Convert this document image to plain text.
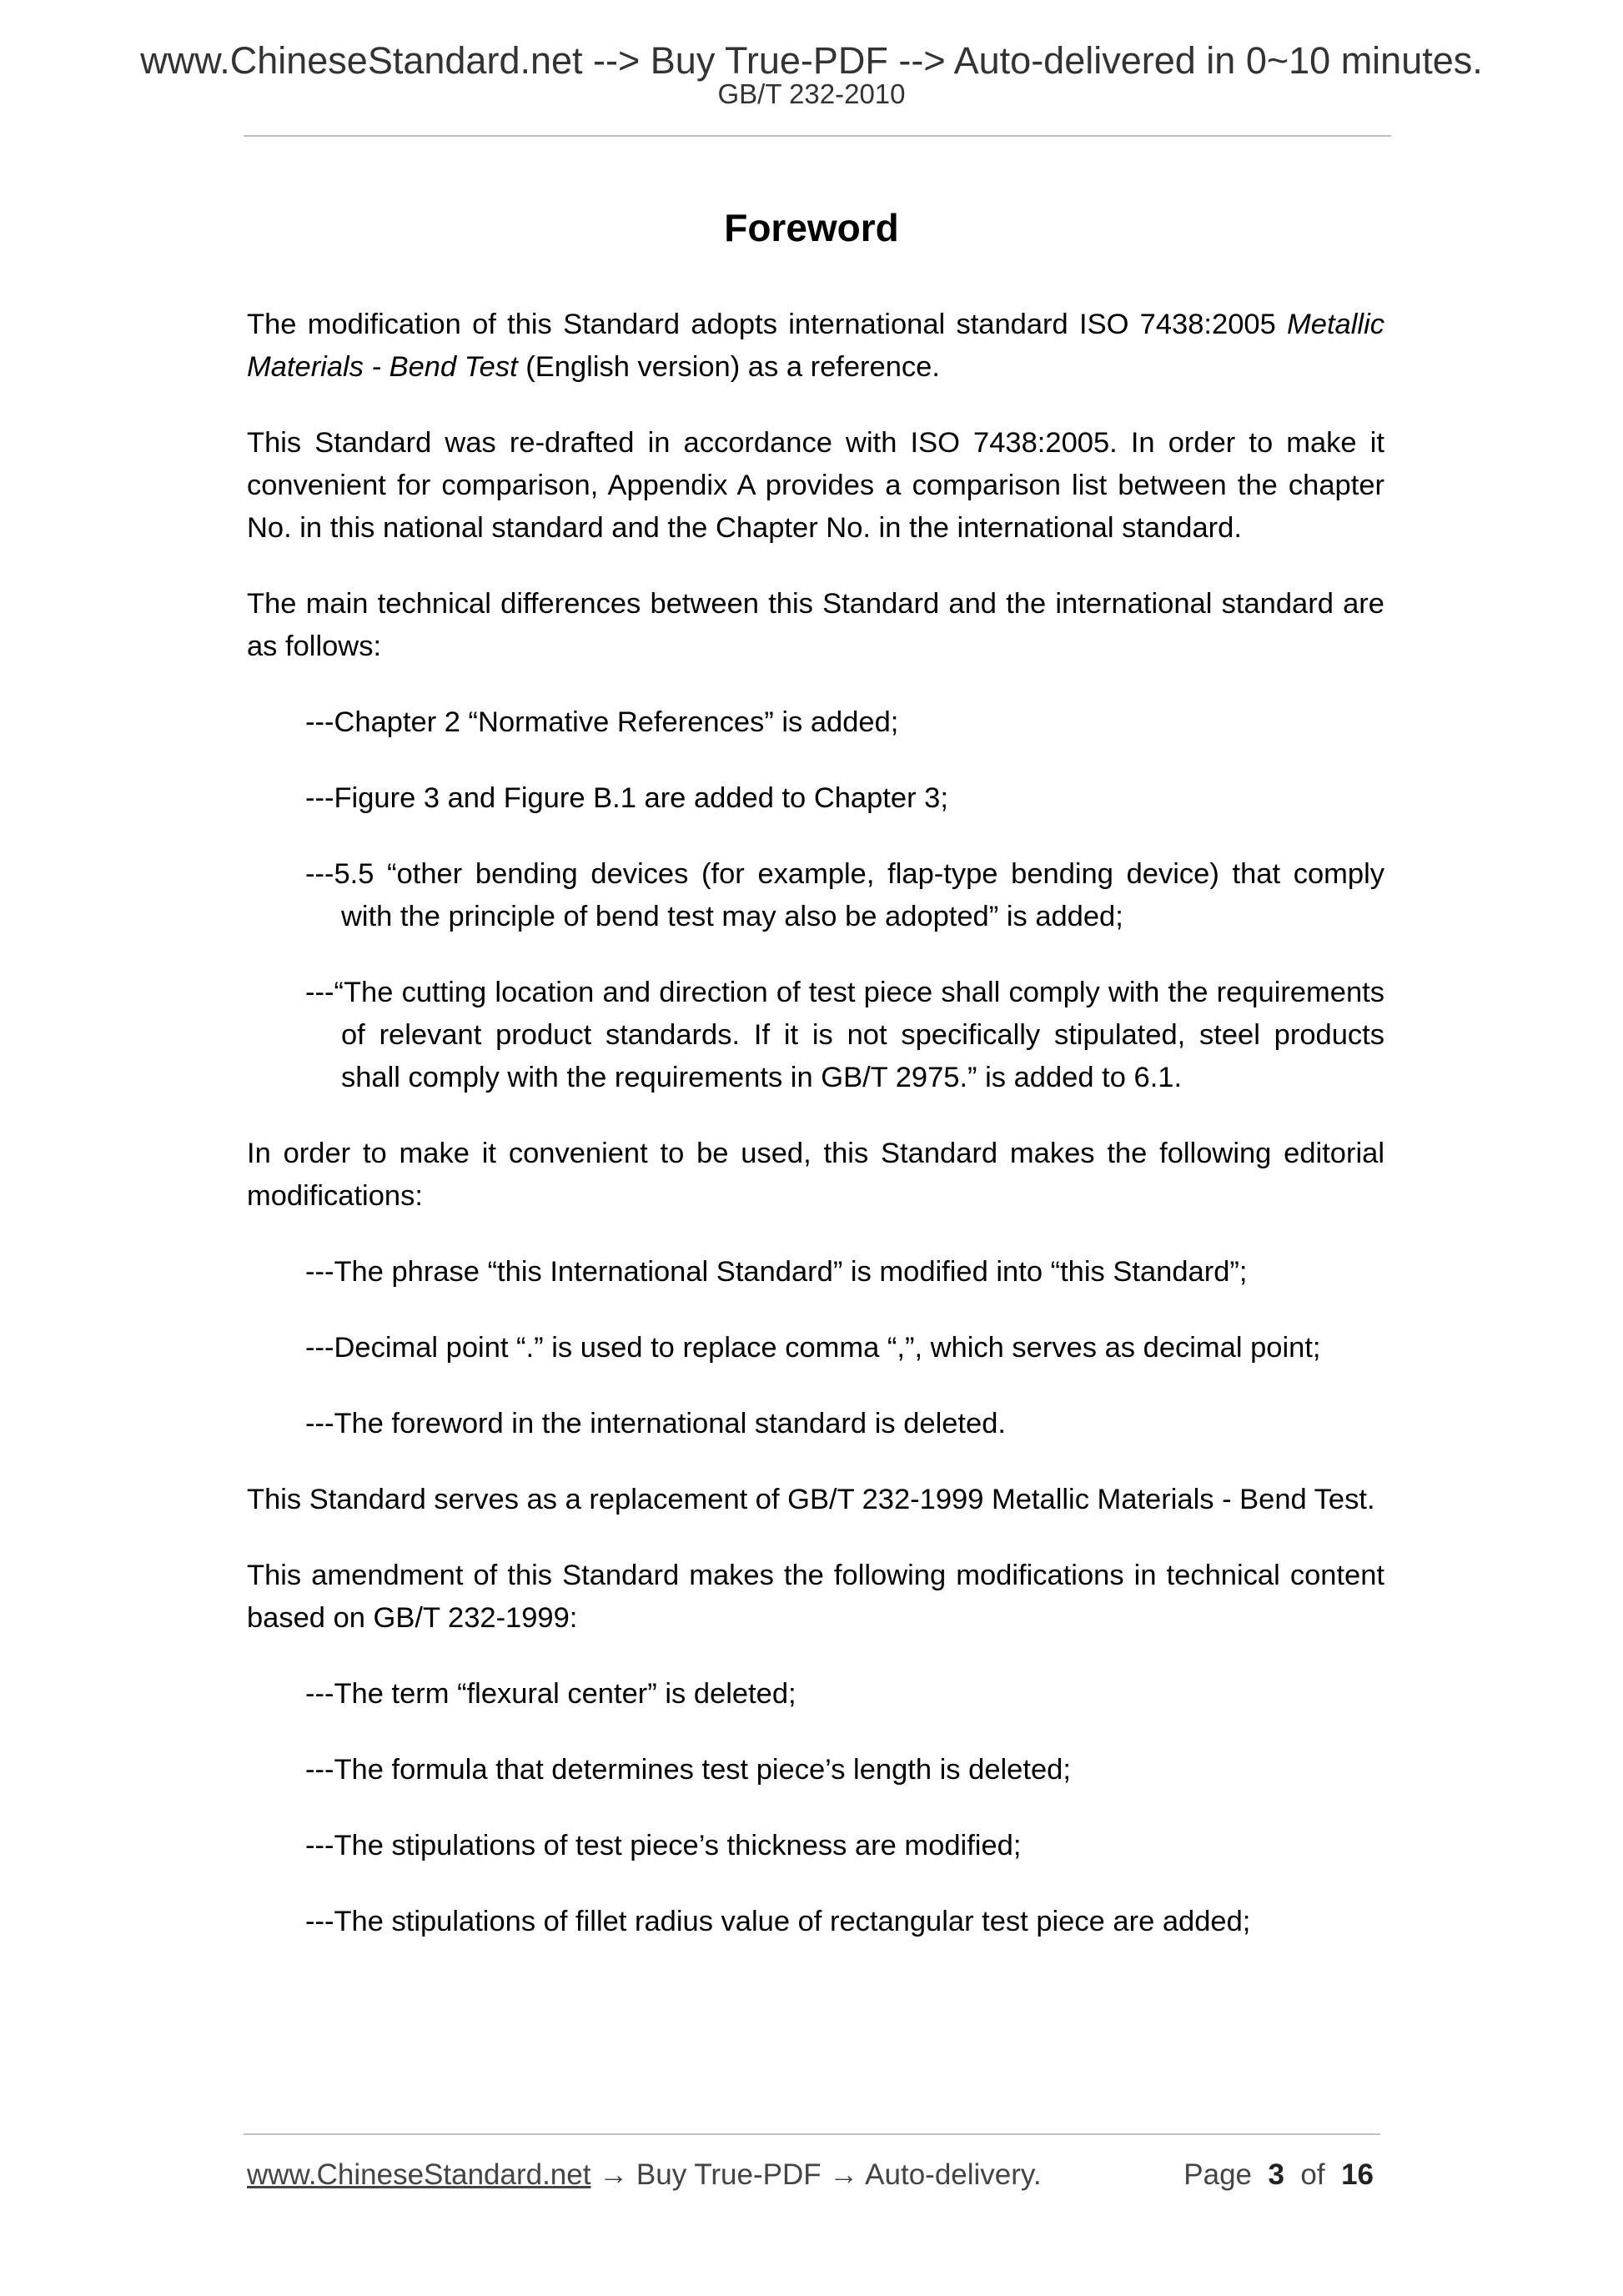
www.ChineseStandard.net --> Buy True-PDF --> Auto-delivered in 0~10 minutes.
GB/T 232-2010
Foreword

The modification of this Standard adopts international standard ISO 7438:2005 Metallic Materials - Bend Test (English version) as a reference.

This Standard was re-drafted in accordance with ISO 7438:2005. In order to make it convenient for comparison, Appendix A provides a comparison list between the chapter No. in this national standard and the Chapter No. in the international standard.

The main technical differences between this Standard and the international standard are as follows:

---Chapter 2 “Normative References” is added;

---Figure 3 and Figure B.1 are added to Chapter 3;

---5.5 “other bending devices (for example, flap-type bending device) that comply with the principle of bend test may also be adopted” is added;

---“The cutting location and direction of test piece shall comply with the requirements of relevant product standards. If it is not specifically stipulated, steel products shall comply with the requirements in GB/T 2975.” is added to 6.1.

In order to make it convenient to be used, this Standard makes the following editorial modifications:

---The phrase “this International Standard” is modified into “this Standard”;

---Decimal point “.” is used to replace comma “,”, which serves as decimal point;

---The foreword in the international standard is deleted.

This Standard serves as a replacement of GB/T 232-1999 Metallic Materials - Bend Test.

This amendment of this Standard makes the following modifications in technical content based on GB/T 232-1999:

---The term “flexural center” is deleted;

---The formula that determines test piece’s length is deleted;

---The stipulations of test piece’s thickness are modified;

---The stipulations of fillet radius value of rectangular test piece are added;

www.ChineseStandard.net → Buy True-PDF → Auto-delivery.	Page 3 of 16
